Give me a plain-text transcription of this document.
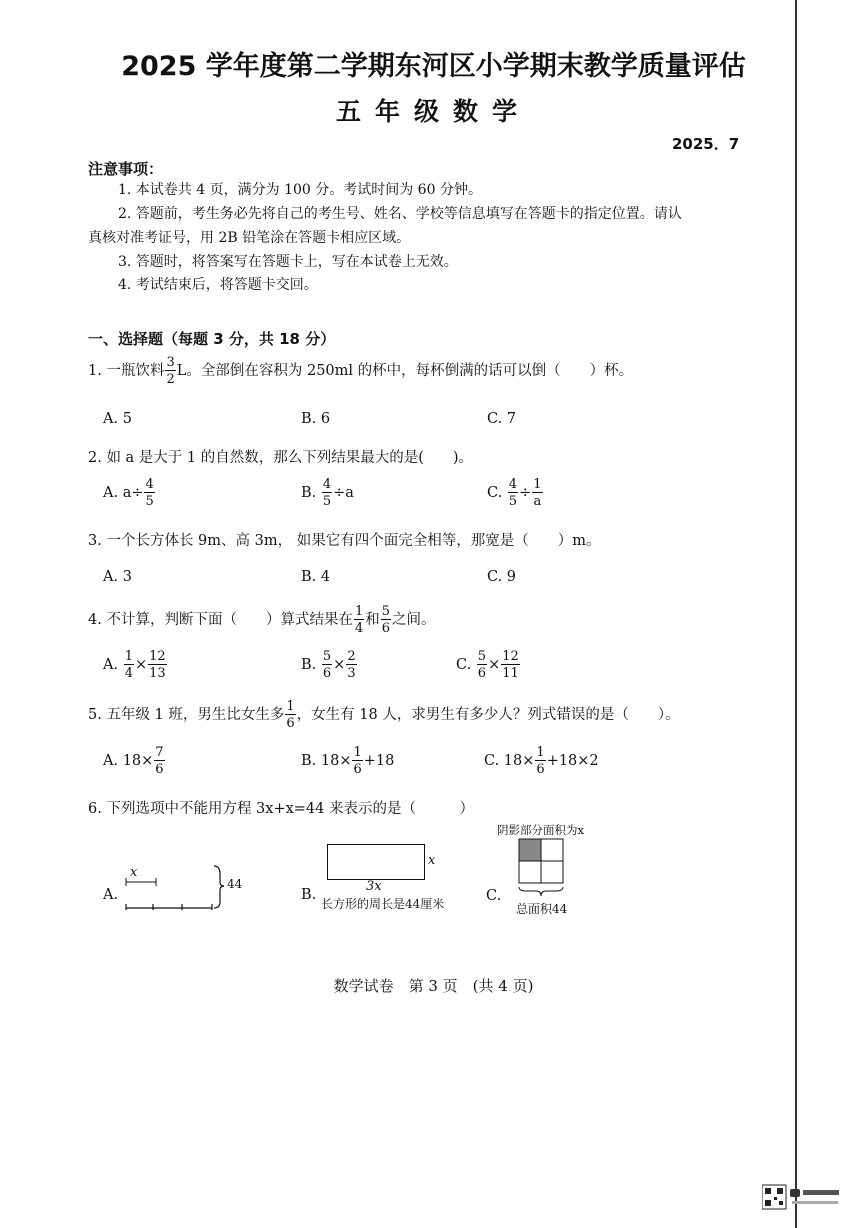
2025 学年度第二学期东河区小学期末教学质量评估
五年级数学
2025．7
注意事项：
1. 本试卷共 4 页，满分为 100 分。考试时间为 60 分钟。
2. 答题前，考生务必先将自己的考生号、姓名、学校等信息填写在答题卡的指定位置。请认
真核对准考证号，用 2B 铅笔涂在答题卡相应区域。
3. 答题时，将答案写在答题卡上，写在本试卷上无效。
4. 考试结束后，将答题卡交回。
一、选择题（每题 3 分，共 18 分）
1. 一瓶饮料 $\frac{3}{2}$ L。全部倒在容积为 250ml 的杯中，每杯倒满的话可以倒（　　）杯。
A. 5	B. 6	C. 7
2. 如 a 是大于 1 的自然数，那么下列结果最大的是(　　)。
A. $a\div \frac{4}{5}$	B. $\frac{4}{5} \div a$	C. $\frac{4}{5} \div \frac{1}{a}$
3. 一个长方体长 9m、高 3m， 如果它有四个面完全相等，那宽是（　　）m。
A. 3	B. 4	C. 9
4. 不计算，判断下面（　　）算式结果在 $\frac{1}{4}$ 和 $\frac{5}{6}$ 之间。
A. $\frac{1}{4} \times \frac{12}{13}$	B. $\frac{5}{6} \times \frac{2}{3}$	C. $\frac{5}{6} \times \frac{12}{11}$
5. 五年级 1 班，男生比女生多 $\frac{1}{6}$ ，女生有 18 人，求男生有多少人？列式错误的是（　　）。
A. $18\times \frac{7}{6}$	B. $18\times \frac{1}{6} +18$	C. $18\times \frac{1}{6} +18\times 2$
6. 下列选项中不能用方程 3x+x=44 来表示的是（　　　）
A.
x
44
B.
x
3x
长方形的周长是44厘米	C.
阴影部分面积为x
总面积44
数学试卷　第 3 页　(共 4 页)
